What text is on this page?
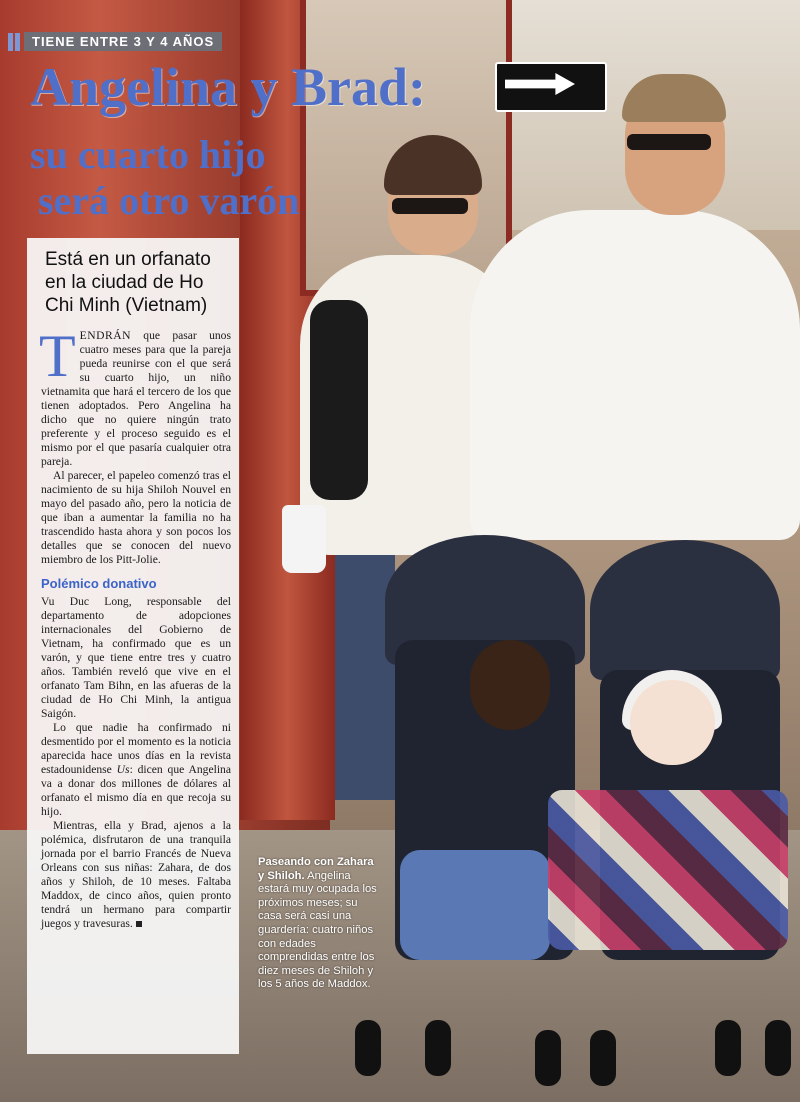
TIENE ENTRE 3 Y 4 AÑOS
Angelina y Brad:
su cuarto hijo
será otro varón

Está en un orfanato en la ciudad de Ho Chi Minh (Vietnam)

TENDRÁN que pasar unos cuatro meses para que la pareja pueda reunirse con el que será su cuarto hijo, un niño vietnamita que hará el tercero de los que tienen adoptados. Pero Angelina ha dicho que no quiere ningún trato preferente y el proceso seguido es el mismo por el que pasaría cualquier otra pareja.

Al parecer, el papeleo comenzó tras el nacimiento de su hija Shiloh Nouvel en mayo del pasado año, pero la noticia de que iban a aumentar la familia no ha trascendido hasta ahora y son pocos los detalles que se conocen del nuevo miembro de los Pitt-Jolie.

Polémico donativo

Vu Duc Long, responsable del departamento de adopciones internacionales del Gobierno de Vietnam, ha confirmado que es un varón, y que tiene entre tres y cuatro años. También reveló que vive en el orfanato Tam Bihn, en las afueras de la ciudad de Ho Chi Minh, la antigua Saigón.

Lo que nadie ha confirmado ni desmentido por el momento es la noticia aparecida hace unos días en la revista estadounidense Us: dicen que Angelina va a donar dos millones de dólares al orfanato el mismo día en que recoja su hijo.

Mientras, ella y Brad, ajenos a la polémica, disfrutaron de una tranquila jornada por el barrio Francés de Nueva Orleans con sus niñas: Zahara, de dos años y Shiloh, de 10 meses. Faltaba Maddox, de cinco años, quien pronto tendrá un hermano para compartir juegos y travesuras.

Paseando con Zahara y Shiloh. Angelina estará muy ocupada los próximos meses; su casa será casi una guardería: cuatro niños con edades comprendidas entre los diez meses de Shiloh y los 5 años de Maddox.
